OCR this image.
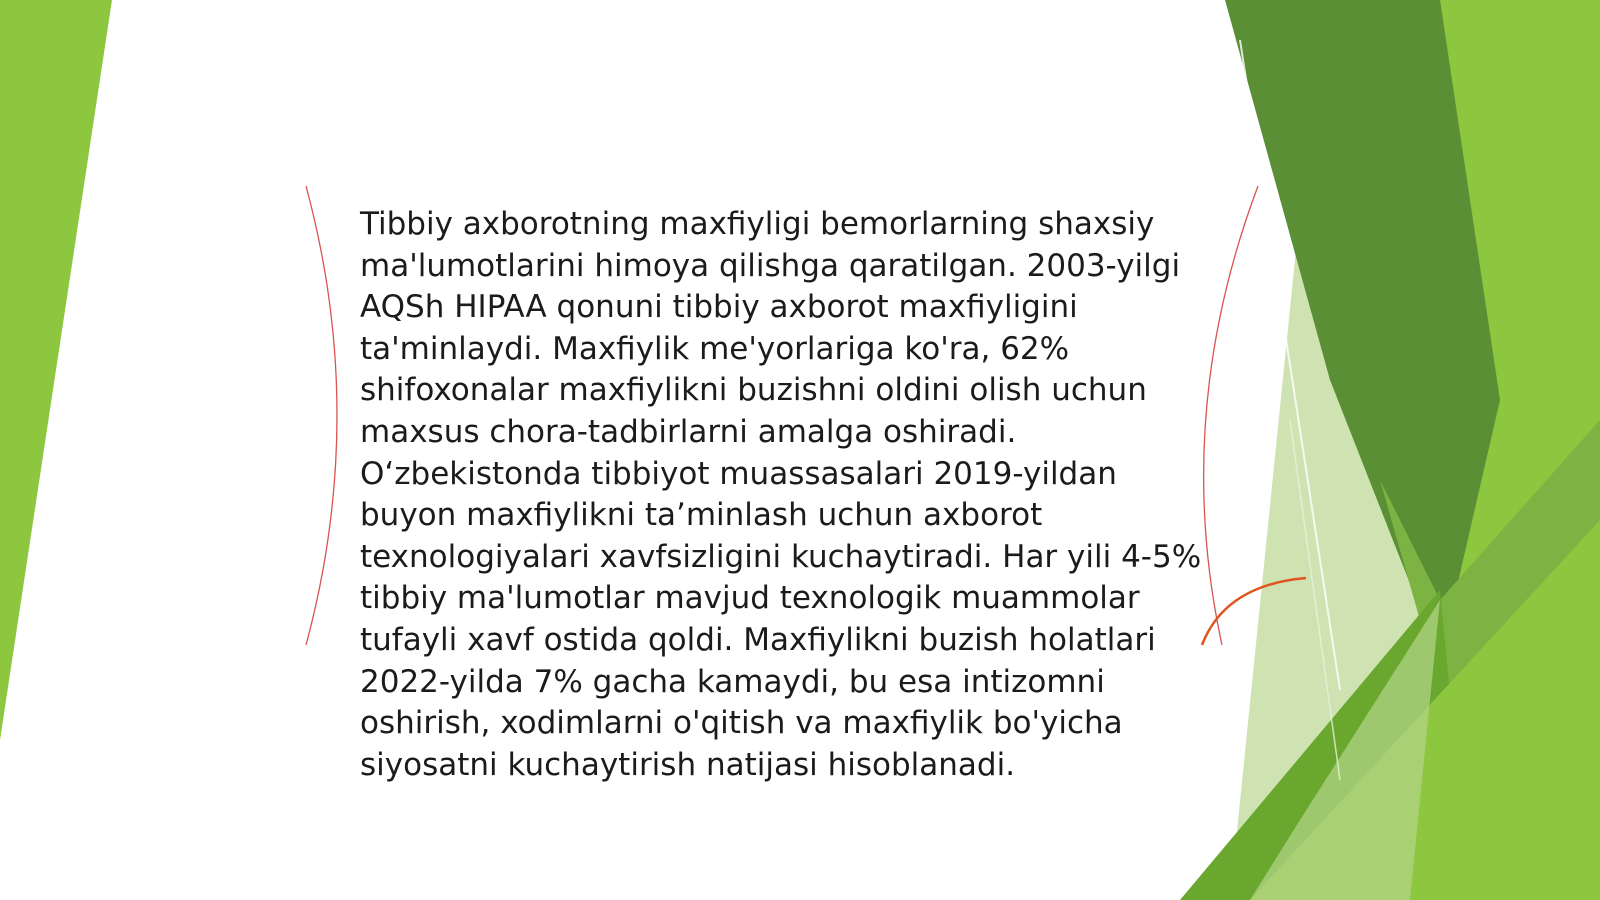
Tibbiy axborotning maxfiyligi bemorlarning shaxsiy
ma'lumotlarini himoya qilishga qaratilgan. 2003-yilgi
AQSh HIPAA qonuni tibbiy axborot maxfiyligini
ta'minlaydi. Maxfiylik me'yorlariga ko'ra, 62%
shifoxonalar maxfiylikni buzishni oldini olish uchun
maxsus chora-tadbirlarni amalga oshiradi.
O‘zbekistonda tibbiyot muassasalari 2019-yildan
buyon maxfiylikni ta’minlash uchun axborot
texnologiyalari xavfsizligini kuchaytiradi. Har yili 4-5%
tibbiy ma'lumotlar mavjud texnologik muammolar
tufayli xavf ostida qoldi. Maxfiylikni buzish holatlari
2022-yilda 7% gacha kamaydi, bu esa intizomni
oshirish, xodimlarni o'qitish va maxfiylik bo'yicha
siyosatni kuchaytirish natijasi hisoblanadi.
